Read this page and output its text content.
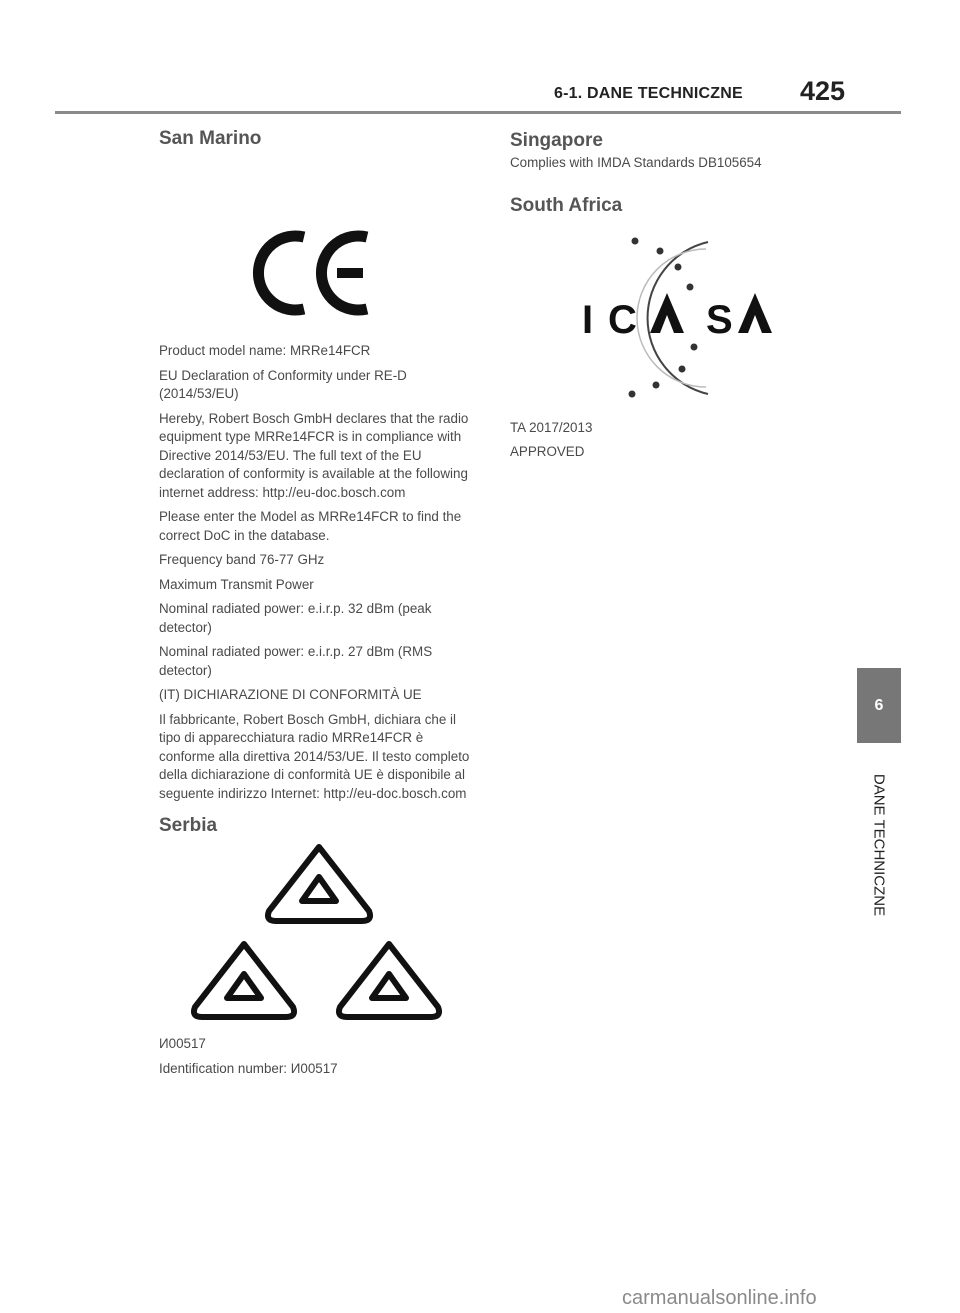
6-1. DANE TECHNICZNE	425
San Marino

Product model name: MRRe14FCR

EU Declaration of Conformity under RE-D (2014/53/EU)

Hereby, Robert Bosch GmbH declares that the radio equipment type MRRe14FCR is in compliance with Directive 2014/53/EU. The full text of the EU declaration of conformity is available at the following internet address: http://eu-doc.bosch.com

Please enter the Model as MRRe14FCR to find the correct DoC in the database.

Frequency band 76-77 GHz

Maximum Transmit Power

Nominal radiated power: e.i.r.p. 32 dBm (peak detector)

Nominal radiated power: e.i.r.p. 27 dBm (RMS detector)

(IT) DICHIARAZIONE DI CONFORMITÀ UE

Il fabbricante, Robert Bosch GmbH, dichiara che il tipo di apparecchiatura radio MRRe14FCR è conforme alla direttiva 2014/53/UE. Il testo completo della dichiarazione di conformità UE è disponibile al seguente indirizzo Internet: http://eu-doc.bosch.com

Serbia

И00517

Identification number: И00517

Singapore

Complies with IMDA Standards DB105654

South Africa
I C S

TA 2017/2013

APPROVED

6
DANE TECHNICZNE
carmanualsonline.info
